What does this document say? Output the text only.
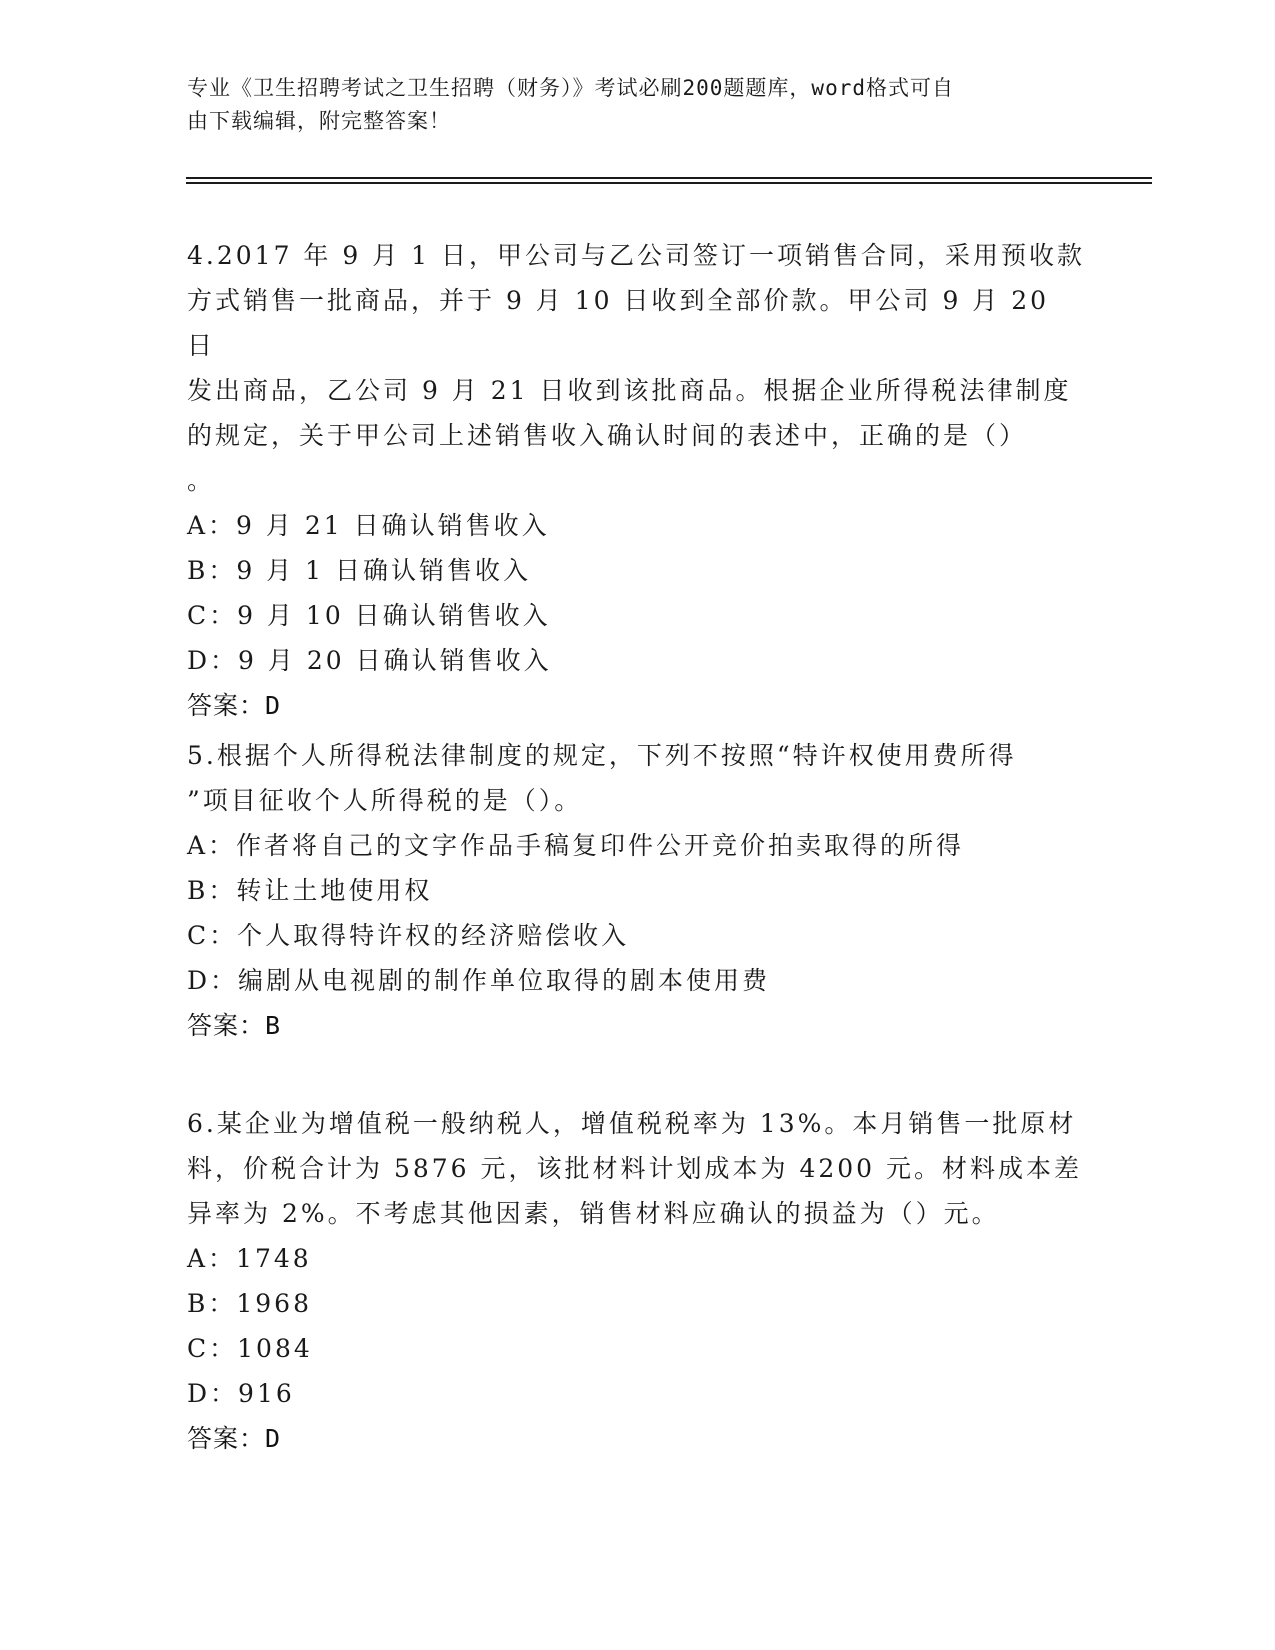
专业《卫生招聘考试之卫生招聘（财务）》考试必刷200题题库，word格式可自
由下载编辑，附完整答案！
4.2017 年 9 月 1 日，甲公司与乙公司签订一项销售合同，采用预收款
方式销售一批商品，并于 9 月 10 日收到全部价款。甲公司 9 月 20 日
发出商品，乙公司 9 月 21 日收到该批商品。根据企业所得税法律制度
的规定，关于甲公司上述销售收入确认时间的表述中，正确的是（）
。
A：9 月 21 日确认销售收入
B：9 月 1 日确认销售收入
C：9 月 10 日确认销售收入
D：9 月 20 日确认销售收入
答案：D
5.根据个人所得税法律制度的规定，下列不按照“特许权使用费所得
”项目征收个人所得税的是（）。
A：作者将自己的文字作品手稿复印件公开竞价拍卖取得的所得
B：转让土地使用权
C：个人取得特许权的经济赔偿收入
D：编剧从电视剧的制作单位取得的剧本使用费
答案：B
6.某企业为增值税一般纳税人，增值税税率为 13%。本月销售一批原材
料，价税合计为 5876 元，该批材料计划成本为 4200 元。材料成本差
异率为 2%。不考虑其他因素，销售材料应确认的损益为（）元。
A：1748
B：1968
C：1084
D：916
答案：D
